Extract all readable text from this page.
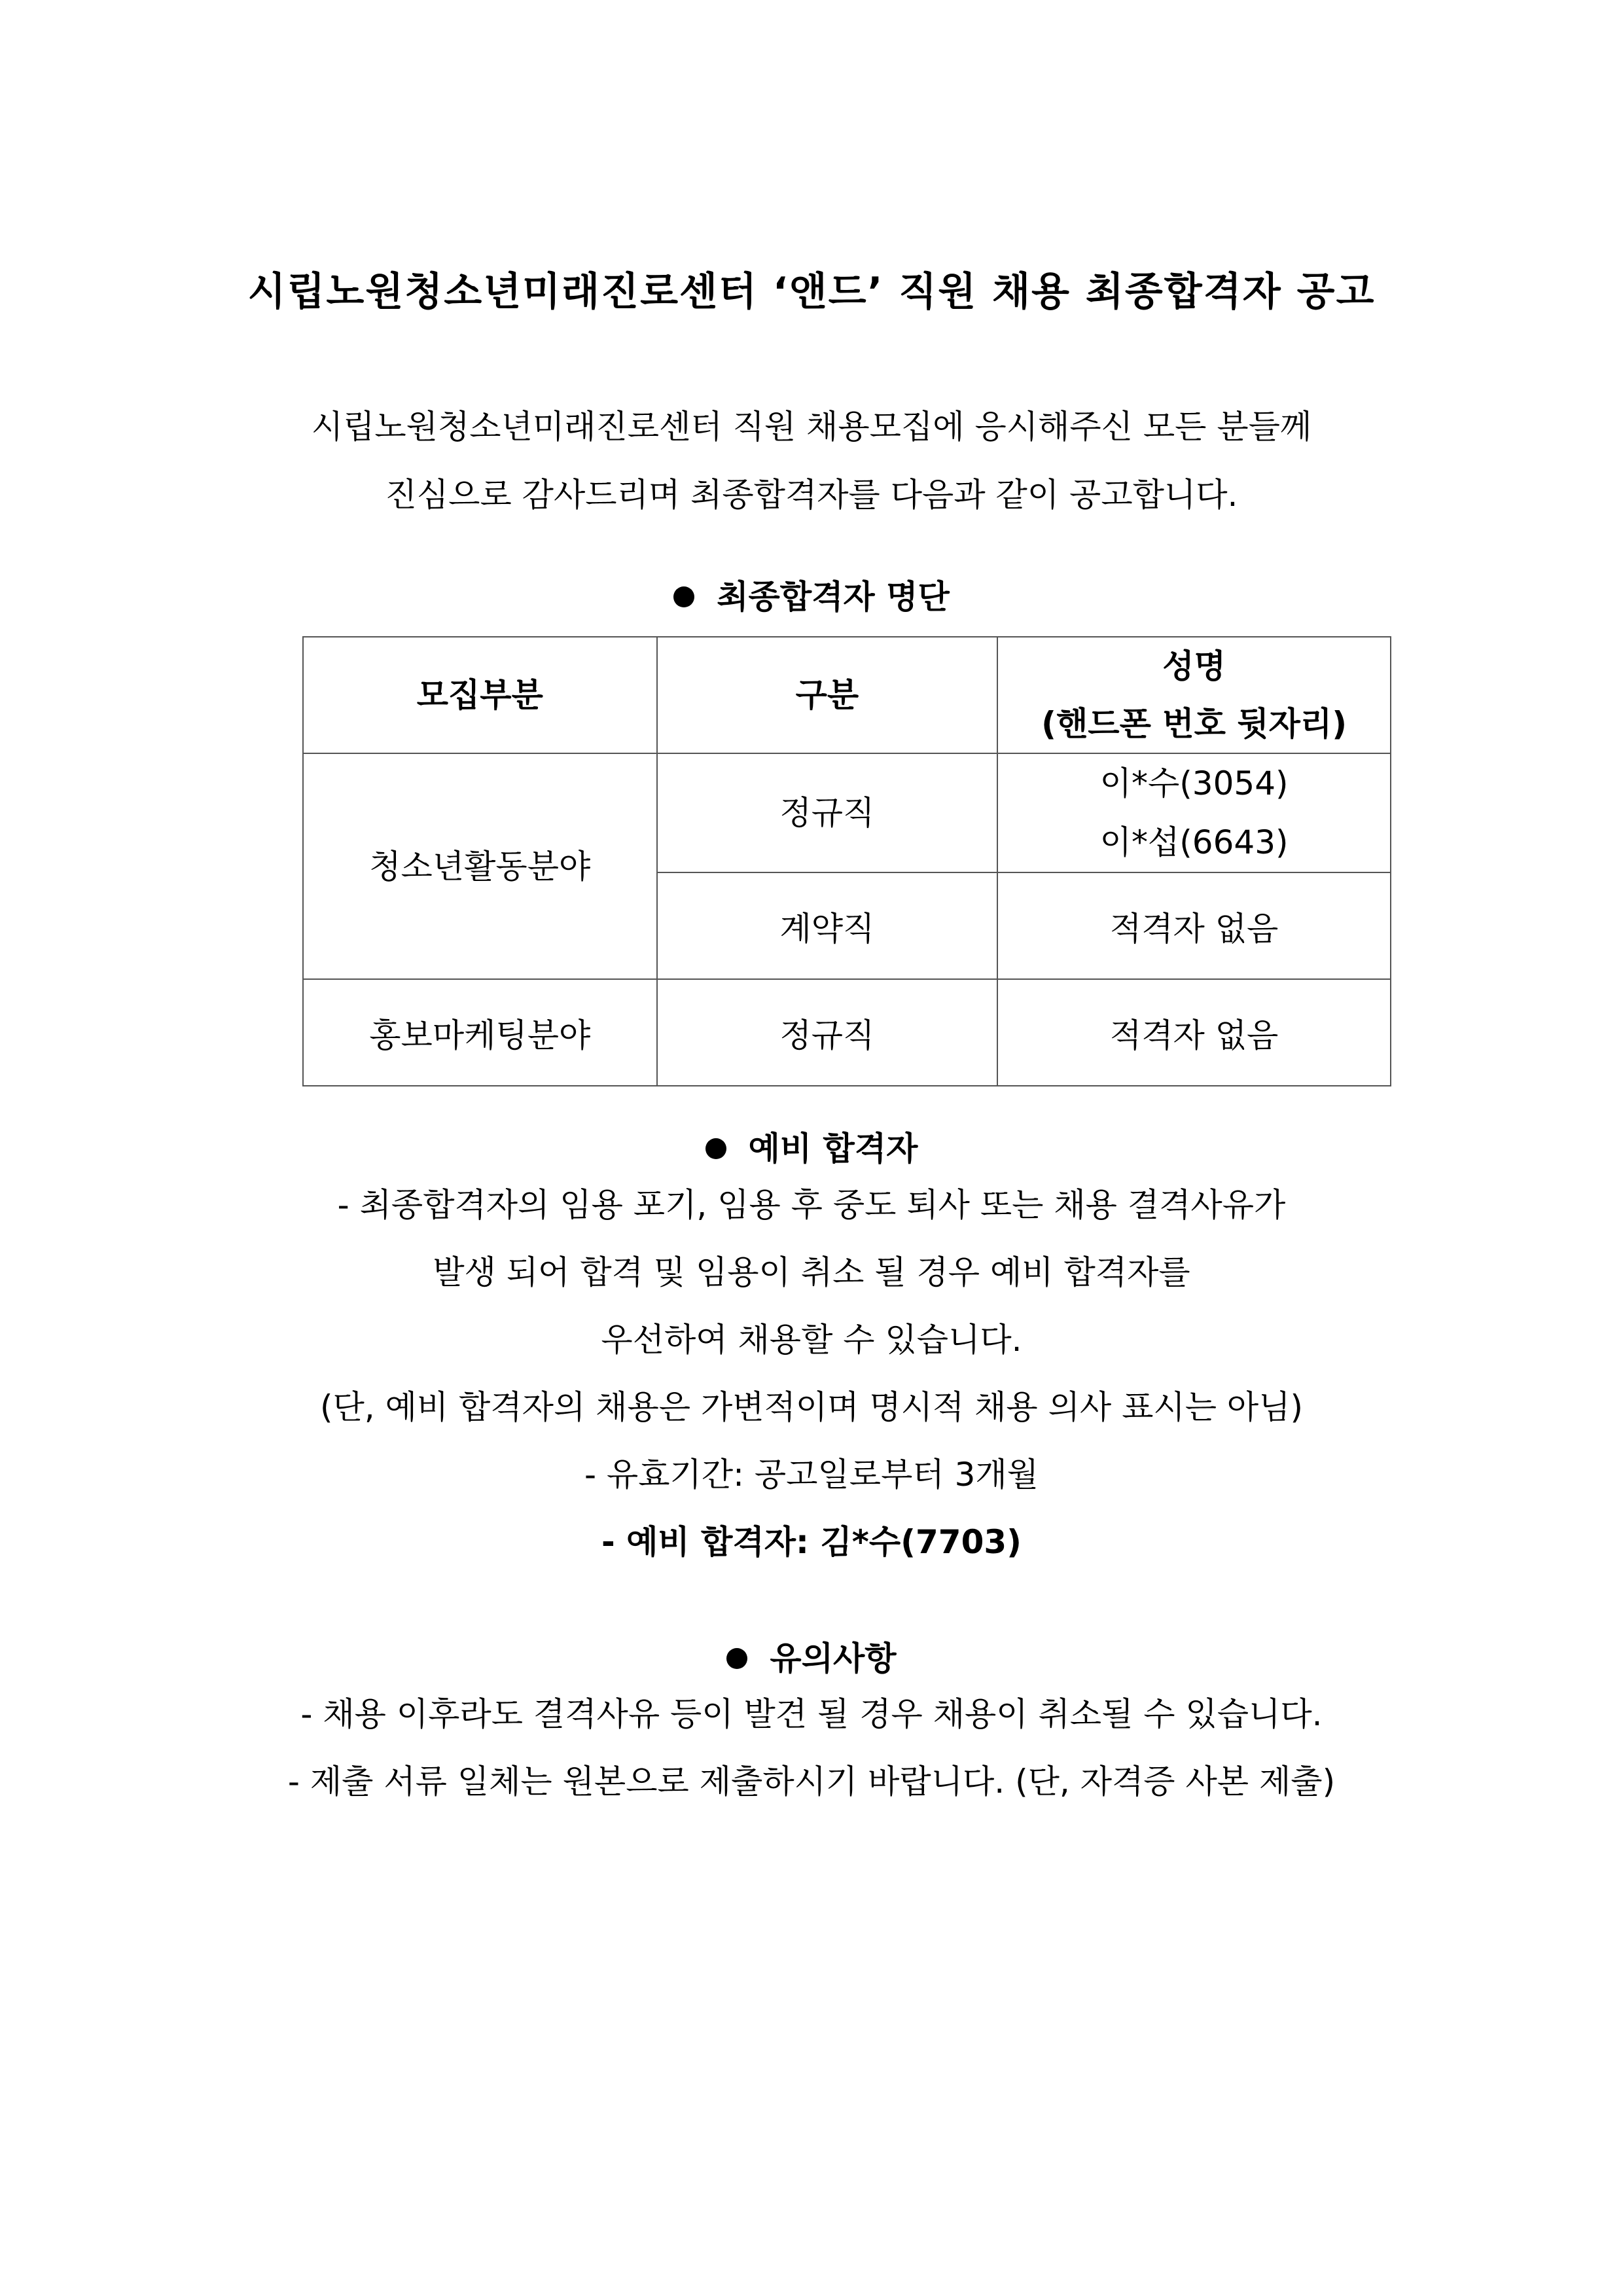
시립노원청소년미래진로센터 ‘앤드’ 직원 채용 최종합격자 공고
시립노원청소년미래진로센터 직원 채용모집에 응시해주신 모든 분들께
진심으로 감사드리며 최종합격자를 다음과 같이 공고합니다.
최종합격자 명단
모집부분	구분	성명
(핸드폰 번호 뒷자리)

청소년활동분야	정규직	이*수(3054)
이*섭(6643)

	계약직	적격자 없음
홍보마케팅분야	정규직	적격자 없음
예비 합격자
- 최종합격자의 임용 포기, 임용 후 중도 퇴사 또는 채용 결격사유가
발생 되어 합격 및 임용이 취소 될 경우 예비 합격자를
우선하여 채용할 수 있습니다.
(단, 예비 합격자의 채용은 가변적이며 명시적 채용 의사 표시는 아님)
- 유효기간: 공고일로부터 3개월
- 예비 합격자: 김*수(7703)
유의사항
- 채용 이후라도 결격사유 등이 발견 될 경우 채용이 취소될 수 있습니다.
- 제출 서류 일체는 원본으로 제출하시기 바랍니다. (단, 자격증 사본 제출)
